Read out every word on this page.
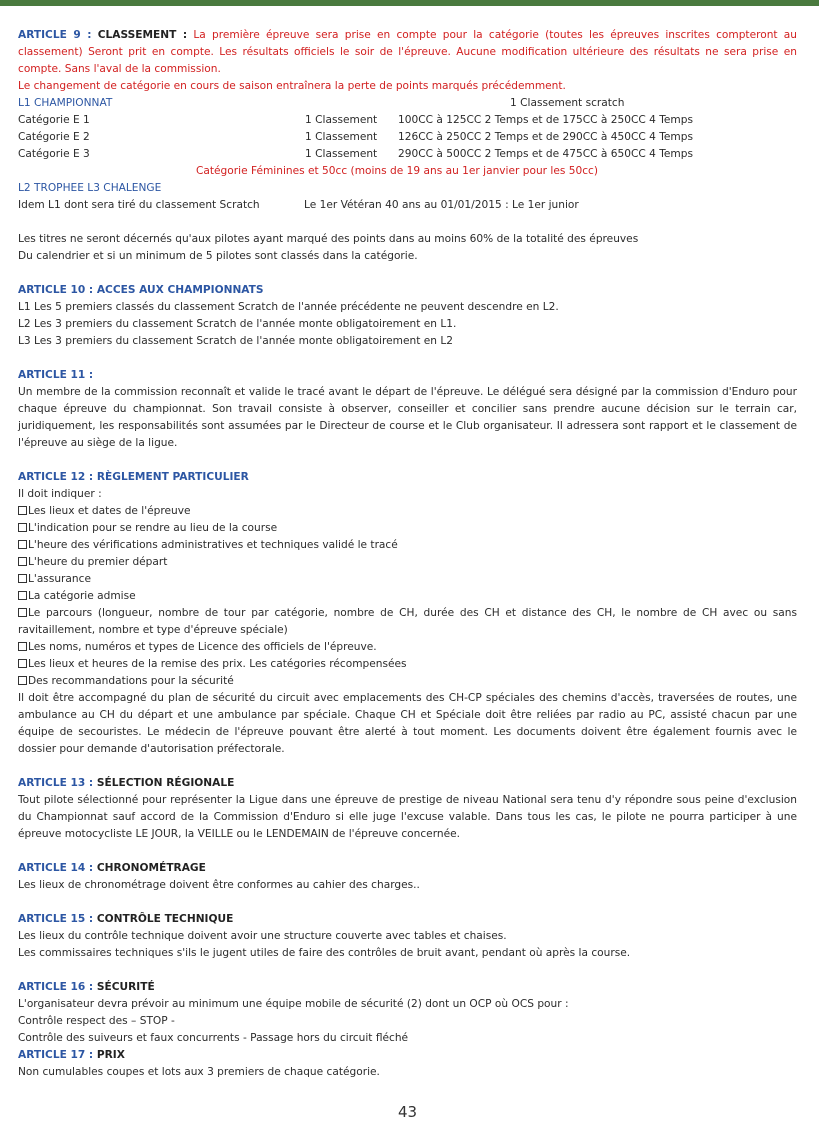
ARTICLE 9 : CLASSEMENT : La première épreuve sera prise en compte pour la catégorie (toutes les épreuves inscrites compteront au classement) Seront prit en compte. Les résultats officiels le soir de l'épreuve. Aucune modification ultérieure des résultats ne sera prise en compte. Sans l'aval de la commission.

Le changement de catégorie en cours de saison entraînera la perte de points marqués précédemment.

L1 CHAMPIONNAT	1 Classement scratch
Catégorie E 1	1 Classement 100CC à 125CC 2 Temps et de 175CC à 250CC 4 Temps
Catégorie E 2	1 Classement 126CC à 250CC 2 Temps et de 290CC à 450CC 4 Temps
Catégorie E 3	1 Classement 290CC à 500CC 2 Temps et de 475CC à 650CC 4 Temps
Catégorie Féminines et 50cc (moins de 19 ans au 1er janvier pour les 50cc)
L2 TROPHEE L3 CHALENGE
Idem L1 dont sera tiré du classement Scratch	Le 1er Vétéran 40 ans au 01/01/2015 : Le 1er junior

Les titres ne seront décernés qu'aux pilotes ayant marqué des points dans au moins 60% de la totalité des épreuves

Du calendrier et si un minimum de 5 pilotes sont classés dans la catégorie.

ARTICLE 10 : ACCES AUX CHAMPIONNATS

L1 Les 5 premiers classés du classement Scratch de l'année précédente ne peuvent descendre en L2.

L2 Les 3 premiers du classement Scratch de l'année monte obligatoirement en L1.

L3 Les 3 premiers du classement Scratch de l'année monte obligatoirement en L2

ARTICLE 11 :

Un membre de la commission reconnaît et valide le tracé avant le départ de l'épreuve. Le délégué sera désigné par la commission d'Enduro pour chaque épreuve du championnat. Son travail consiste à observer, conseiller et concilier sans prendre aucune décision sur le terrain car, juridiquement, les responsabilités sont assumées par le Directeur de course et le Club organisateur. Il adressera sont rapport et le classement de l'épreuve au siège de la ligue.

ARTICLE 12 : RÈGLEMENT PARTICULIER

Il doit indiquer :

Les lieux et dates de l'épreuve

L'indication pour se rendre au lieu de la course

L'heure des vérifications administratives et techniques validé le tracé

L'heure du premier départ

L'assurance

La catégorie admise

Le parcours (longueur, nombre de tour par catégorie, nombre de CH, durée des CH et distance des CH, le nombre de CH avec ou sans ravitaillement, nombre et type d'épreuve spéciale)

Les noms, numéros et types de Licence des officiels de l'épreuve.

Les lieux et heures de la remise des prix. Les catégories récompensées

Des recommandations pour la sécurité

Il doit être accompagné du plan de sécurité du circuit avec emplacements des CH-CP spéciales des chemins d'accès, traversées de routes, une ambulance au CH du départ et une ambulance par spéciale. Chaque CH et Spéciale doit être reliées par radio au PC, assisté chacun par une équipe de secouristes. Le médecin de l'épreuve pouvant être alerté à tout moment. Les documents doivent être également fournis avec le dossier pour demande d'autorisation préfectorale.

ARTICLE 13 : SÉLECTION RÉGIONALE

Tout pilote sélectionné pour représenter la Ligue dans une épreuve de prestige de niveau National sera tenu d'y répondre sous peine d'exclusion du Championnat sauf accord de la Commission d'Enduro si elle juge l'excuse valable. Dans tous les cas, le pilote ne pourra participer à une épreuve motocycliste LE JOUR, la VEILLE ou le LENDEMAIN de l'épreuve concernée.

ARTICLE 14 : CHRONOMÉTRAGE

Les lieux de chronométrage doivent être conformes au cahier des charges..

ARTICLE 15 : CONTRÔLE TECHNIQUE

Les lieux du contrôle technique doivent avoir une structure couverte avec tables et chaises.

Les commissaires techniques s'ils le jugent utiles de faire des contrôles de bruit avant, pendant où après la course.

ARTICLE 16 : SÉCURITÉ

L'organisateur devra prévoir au minimum une équipe mobile de sécurité (2) dont un OCP où OCS pour :

Contrôle respect des – STOP -

Contrôle des suiveurs et faux concurrents - Passage hors du circuit fléché

ARTICLE 17 : PRIX

Non cumulables coupes et lots aux 3 premiers de chaque catégorie.

43
